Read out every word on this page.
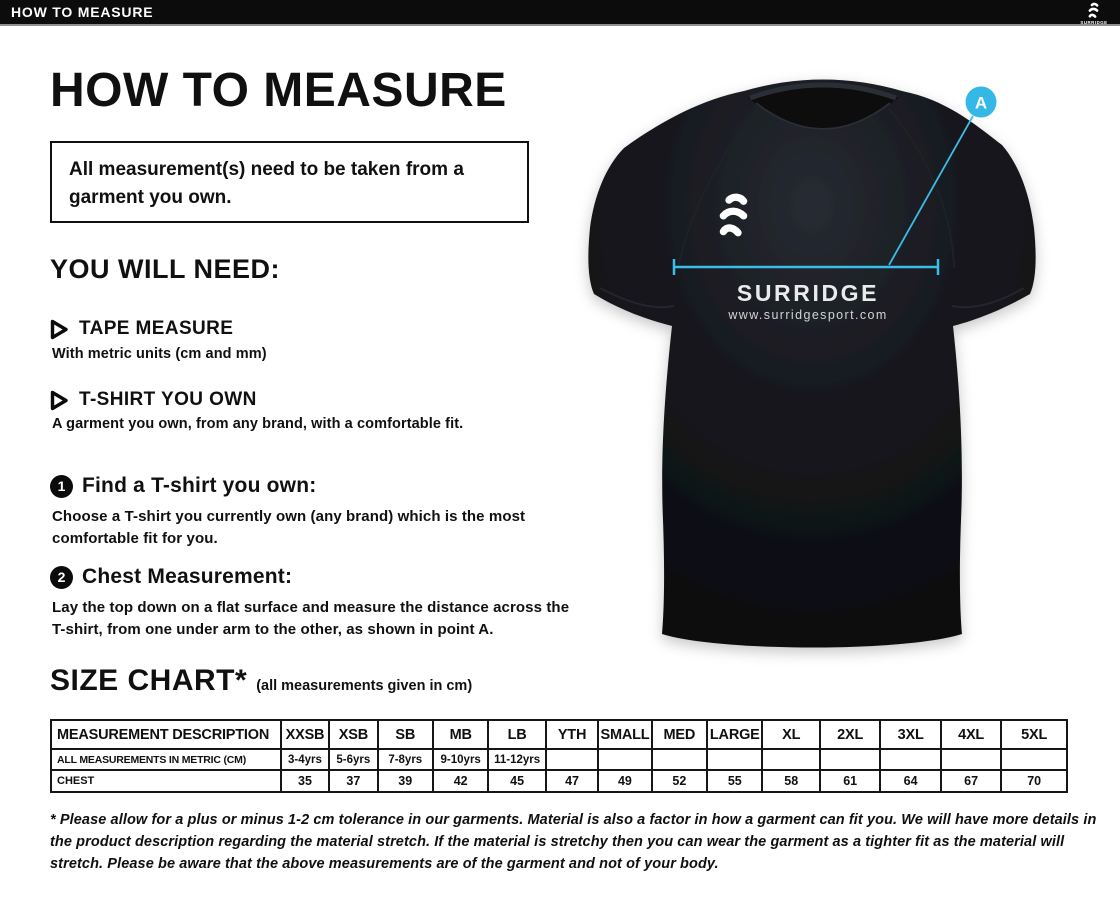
HOW TO MEASURE
SURRIDGE
HOW TO MEASURE
All measurement(s) need to be taken from a garment you own.
YOU WILL NEED:
TAPE MEASURE
With metric units (cm and mm)
T-SHIRT YOU OWN
A garment you own, from any brand, with a comfortable fit.
1 Find a T-shirt you own:
Choose a T-shirt you currently own (any brand) which is the most comfortable fit for you.
2 Chest Measurement:
Lay the top down on a flat surface and measure the distance across the T-shirt, from one under arm to the other, as shown in point A.
SIZE CHART* (all measurements given in cm)
MEASUREMENT DESCRIPTION	XXSB	XSB	SB	MB	LB	YTH	SMALL	MED	LARGE	XL	2XL	3XL	4XL	5XL
ALL MEASUREMENTS IN METRIC (CM)	3-4yrs	5-6yrs	7-8yrs	9-10yrs	11-12yrs									
CHEST	35	37	39	42	45	47	49	52	55	58	61	64	67	70
* Please allow for a plus or minus 1-2 cm tolerance in our garments. Material is also a factor in how a garment can fit you. We will have more details in the product description regarding the material stretch. If the material is stretchy then you can wear the garment as a tighter fit as the material will stretch. Please be aware that the above measurements are of the garment and not of your body.
SURRIDGE
www.surridgesport.com
A
